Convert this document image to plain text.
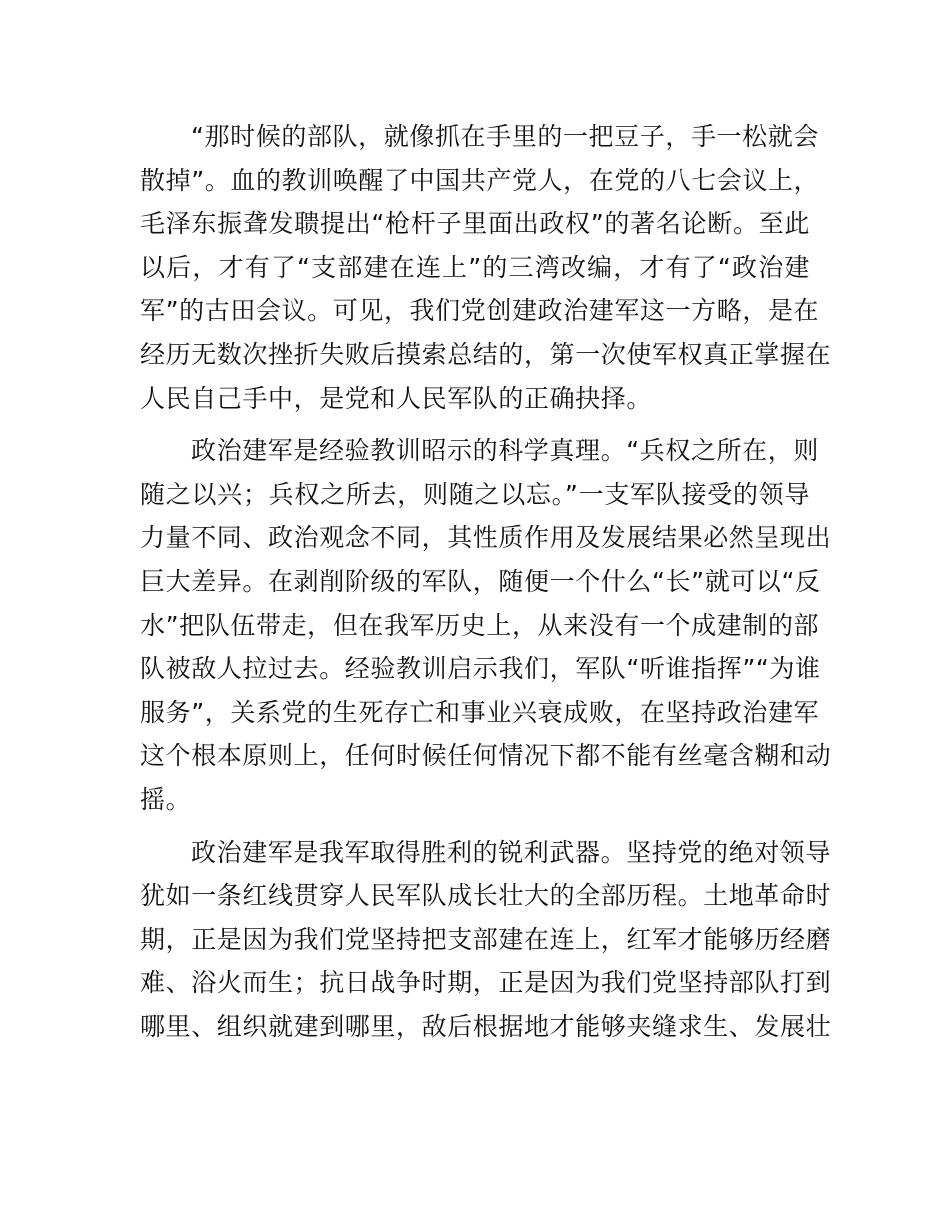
“那时候的部队，就像抓在手里的一把豆子，手一松就会
散掉”。血的教训唤醒了中国共产党人，在党的八七会议上，
毛泽东振聋发聩提出“枪杆子里面出政权”的著名论断。至此
以后，才有了“支部建在连上”的三湾改编，才有了“政治建
军”的古田会议。可见，我们党创建政治建军这一方略，是在
经历无数次挫折失败后摸索总结的，第一次使军权真正掌握在
人民自己手中，是党和人民军队的正确抉择。

政治建军是经验教训昭示的科学真理。“兵权之所在，则
随之以兴；兵权之所去，则随之以忘。”一支军队接受的领导
力量不同、政治观念不同，其性质作用及发展结果必然呈现出
巨大差异。在剥削阶级的军队，随便一个什么“长”就可以“反
水”把队伍带走，但在我军历史上，从来没有一个成建制的部
队被敌人拉过去。经验教训启示我们，军队“听谁指挥”“为谁
服务”，关系党的生死存亡和事业兴衰成败，在坚持政治建军
这个根本原则上，任何时候任何情况下都不能有丝毫含糊和动
摇。

政治建军是我军取得胜利的锐利武器。坚持党的绝对领导
犹如一条红线贯穿人民军队成长壮大的全部历程。土地革命时
期，正是因为我们党坚持把支部建在连上，红军才能够历经磨
难、浴火而生；抗日战争时期，正是因为我们党坚持部队打到
哪里、组织就建到哪里，敌后根据地才能够夹缝求生、发展壮
